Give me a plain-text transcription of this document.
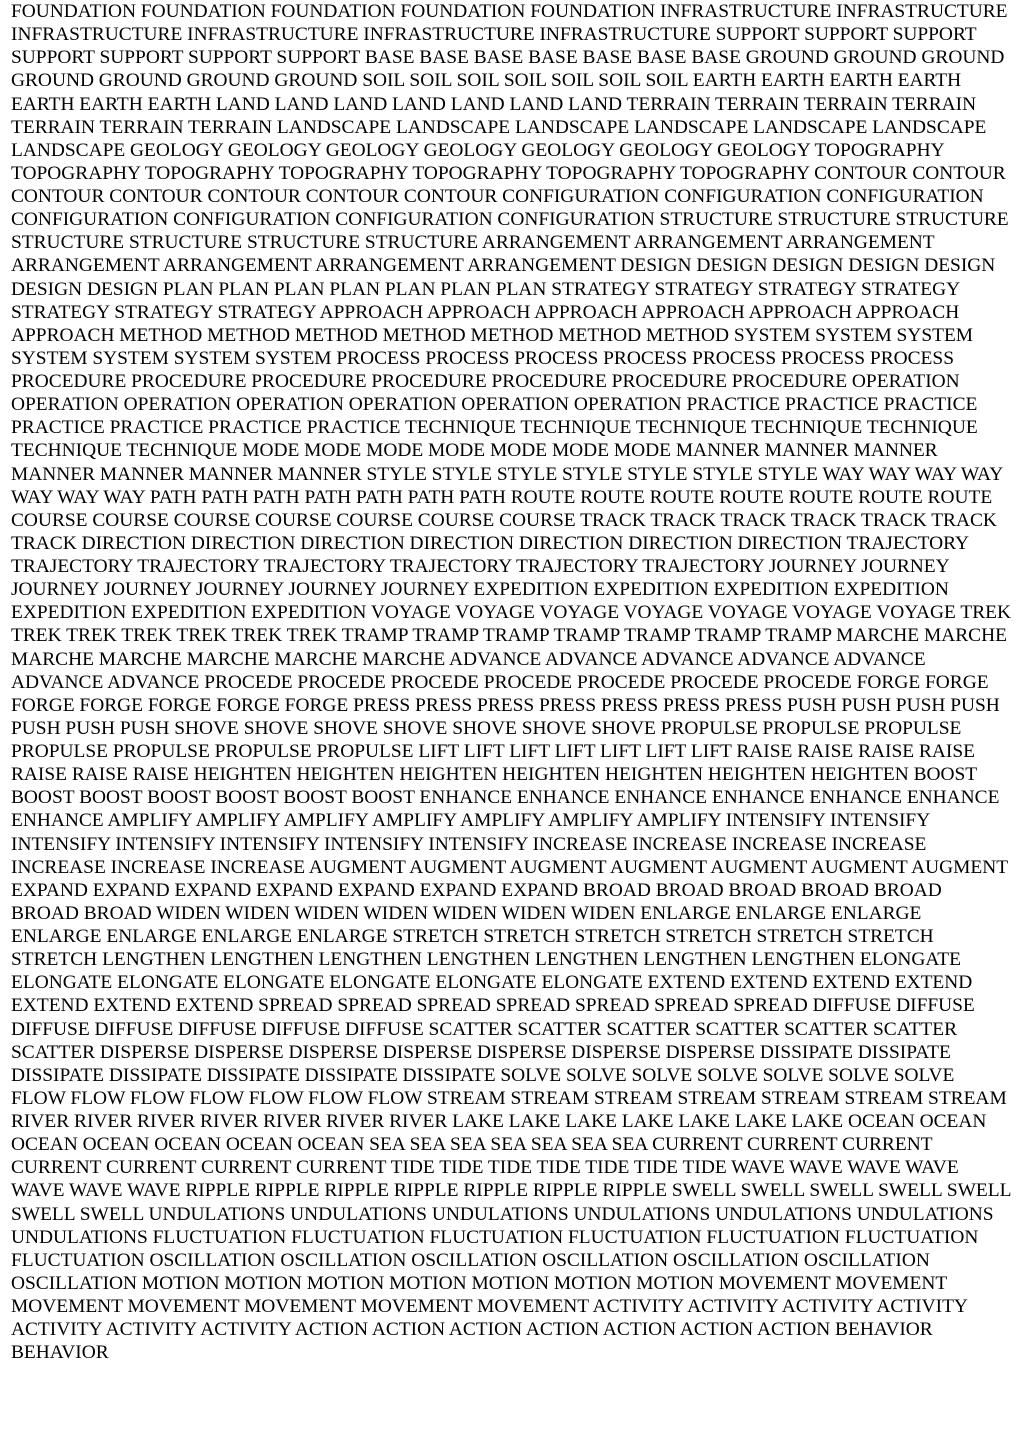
FOUNDATION FOUNDATION FOUNDATION FOUNDATION FOUNDATION INFRASTRUCTURE INFRASTRUCTURE INFRASTRUCTURE INFRASTRUCTURE INFRASTRUCTURE INFRASTRUCTURE SUPPORT SUPPORT SUPPORT SUPPORT SUPPORT SUPPORT SUPPORT BASE BASE BASE BASE BASE BASE BASE GROUND GROUND GROUND GROUND GROUND GROUND GROUND SOIL SOIL SOIL SOIL SOIL SOIL SOIL EARTH EARTH EARTH EARTH EARTH EARTH EARTH LAND LAND LAND LAND LAND LAND LAND TERRAIN TERRAIN TERRAIN TERRAIN TERRAIN TERRAIN TERRAIN LANDSCAPE LANDSCAPE LANDSCAPE LANDSCAPE LANDSCAPE LANDSCAPE LANDSCAPE GEOLOGY GEOLOGY GEOLOGY GEOLOGY GEOLOGY GEOLOGY GEOLOGY TOPOGRAPHY TOPOGRAPHY TOPOGRAPHY TOPOGRAPHY TOPOGRAPHY TOPOGRAPHY TOPOGRAPHY CONTOUR CONTOUR CONTOUR CONTOUR CONTOUR CONTOUR CONTOUR CONFIGURATION CONFIGURATION CONFIGURATION CONFIGURATION CONFIGURATION CONFIGURATION CONFIGURATION STRUCTURE STRUCTURE STRUCTURE STRUCTURE STRUCTURE STRUCTURE STRUCTURE ARRANGEMENT ARRANGEMENT ARRANGEMENT ARRANGEMENT ARRANGEMENT ARRANGEMENT ARRANGEMENT DESIGN DESIGN DESIGN DESIGN DESIGN DESIGN DESIGN PLAN PLAN PLAN PLAN PLAN PLAN PLAN STRATEGY STRATEGY STRATEGY STRATEGY STRATEGY STRATEGY STRATEGY APPROACH APPROACH APPROACH APPROACH APPROACH APPROACH APPROACH METHOD METHOD METHOD METHOD METHOD METHOD METHOD SYSTEM SYSTEM SYSTEM SYSTEM SYSTEM SYSTEM SYSTEM PROCESS PROCESS PROCESS PROCESS PROCESS PROCESS PROCESS PROCEDURE PROCEDURE PROCEDURE PROCEDURE PROCEDURE PROCEDURE PROCEDURE OPERATION OPERATION OPERATION OPERATION OPERATION OPERATION OPERATION PRACTICE PRACTICE PRACTICE PRACTICE PRACTICE PRACTICE PRACTICE TECHNIQUE TECHNIQUE TECHNIQUE TECHNIQUE TECHNIQUE TECHNIQUE TECHNIQUE MODE MODE MODE MODE MODE MODE MODE MANNER MANNER MANNER MANNER MANNER MANNER MANNER STYLE STYLE STYLE STYLE STYLE STYLE STYLE WAY WAY WAY WAY WAY WAY WAY PATH PATH PATH PATH PATH PATH PATH ROUTE ROUTE ROUTE ROUTE ROUTE ROUTE ROUTE COURSE COURSE COURSE COURSE COURSE COURSE COURSE TRACK TRACK TRACK TRACK TRACK TRACK TRACK DIRECTION DIRECTION DIRECTION DIRECTION DIRECTION DIRECTION DIRECTION TRAJECTORY TRAJECTORY TRAJECTORY TRAJECTORY TRAJECTORY TRAJECTORY TRAJECTORY JOURNEY JOURNEY JOURNEY JOURNEY JOURNEY JOURNEY JOURNEY EXPEDITION EXPEDITION EXPEDITION EXPEDITION EXPEDITION EXPEDITION EXPEDITION VOYAGE VOYAGE VOYAGE VOYAGE VOYAGE VOYAGE VOYAGE TREK TREK TREK TREK TREK TREK TREK TRAMP TRAMP TRAMP TRAMP TRAMP TRAMP TRAMP MARCHE MARCHE MARCHE MARCHE MARCHE MARCHE MARCHE ADVANCE ADVANCE ADVANCE ADVANCE ADVANCE ADVANCE ADVANCE PROCEDE PROCEDE PROCEDE PROCEDE PROCEDE PROCEDE PROCEDE FORGE FORGE FORGE FORGE FORGE FORGE FORGE PRESS PRESS PRESS PRESS PRESS PRESS PRESS PUSH PUSH PUSH PUSH PUSH PUSH PUSH SHOVE SHOVE SHOVE SHOVE SHOVE SHOVE SHOVE PROPULSE PROPULSE PROPULSE PROPULSE PROPULSE PROPULSE PROPULSE LIFT LIFT LIFT LIFT LIFT LIFT LIFT RAISE RAISE RAISE RAISE RAISE RAISE RAISE HEIGHTEN HEIGHTEN HEIGHTEN HEIGHTEN HEIGHTEN HEIGHTEN HEIGHTEN BOOST BOOST BOOST BOOST BOOST BOOST BOOST ENHANCE ENHANCE ENHANCE ENHANCE ENHANCE ENHANCE ENHANCE AMPLIFY AMPLIFY AMPLIFY AMPLIFY AMPLIFY AMPLIFY AMPLIFY INTENSIFY INTENSIFY INTENSIFY INTENSIFY INTENSIFY INTENSIFY INTENSIFY INCREASE INCREASE INCREASE INCREASE INCREASE INCREASE INCREASE AUGMENT AUGMENT AUGMENT AUGMENT AUGMENT AUGMENT AUGMENT EXPAND EXPAND EXPAND EXPAND EXPAND EXPAND EXPAND BROAD BROAD BROAD BROAD BROAD BROAD BROAD WIDEN WIDEN WIDEN WIDEN WIDEN WIDEN WIDEN ENLARGE ENLARGE ENLARGE ENLARGE ENLARGE ENLARGE ENLARGE STRETCH STRETCH STRETCH STRETCH STRETCH STRETCH STRETCH LENGTHEN LENGTHEN LENGTHEN LENGTHEN LENGTHEN LENGTHEN LENGTHEN ELONGATE ELONGATE ELONGATE ELONGATE ELONGATE ELONGATE ELONGATE EXTEND EXTEND EXTEND EXTEND EXTEND EXTEND EXTEND SPREAD SPREAD SPREAD SPREAD SPREAD SPREAD SPREAD DIFFUSE DIFFUSE DIFFUSE DIFFUSE DIFFUSE DIFFUSE DIFFUSE SCATTER SCATTER SCATTER SCATTER SCATTER SCATTER SCATTER DISPERSE DISPERSE DISPERSE DISPERSE DISPERSE DISPERSE DISPERSE DISSIPATE DISSIPATE DISSIPATE DISSIPATE DISSIPATE DISSIPATE DISSIPATE SOLVE SOLVE SOLVE SOLVE SOLVE SOLVE SOLVE FLOW FLOW FLOW FLOW FLOW FLOW FLOW STREAM STREAM STREAM STREAM STREAM STREAM STREAM RIVER RIVER RIVER RIVER RIVER RIVER RIVER LAKE LAKE LAKE LAKE LAKE LAKE LAKE OCEAN OCEAN OCEAN OCEAN OCEAN OCEAN OCEAN SEA SEA SEA SEA SEA SEA SEA CURRENT CURRENT CURRENT CURRENT CURRENT CURRENT CURRENT TIDE TIDE TIDE TIDE TIDE TIDE TIDE WAVE WAVE WAVE WAVE WAVE WAVE WAVE RIPPLE RIPPLE RIPPLE RIPPLE RIPPLE RIPPLE RIPPLE SWELL SWELL SWELL SWELL SWELL SWELL SWELL UNDULATIONS UNDULATIONS UNDULATIONS UNDULATIONS UNDULATIONS UNDULATIONS UNDULATIONS FLUCTUATION FLUCTUATION FLUCTUATION FLUCTUATION FLUCTUATION FLUCTUATION FLUCTUATION OSCILLATION OSCILLATION OSCILLATION OSCILLATION OSCILLATION OSCILLATION OSCILLATION MOTION MOTION MOTION MOTION MOTION MOTION MOTION MOVEMENT MOVEMENT MOVEMENT MOVEMENT MOVEMENT MOVEMENT MOVEMENT ACTIVITY ACTIVITY ACTIVITY ACTIVITY ACTIVITY ACTIVITY ACTIVITY ACTION ACTION ACTION ACTION ACTION ACTION ACTION BEHAVIOR BEHAVIOR
